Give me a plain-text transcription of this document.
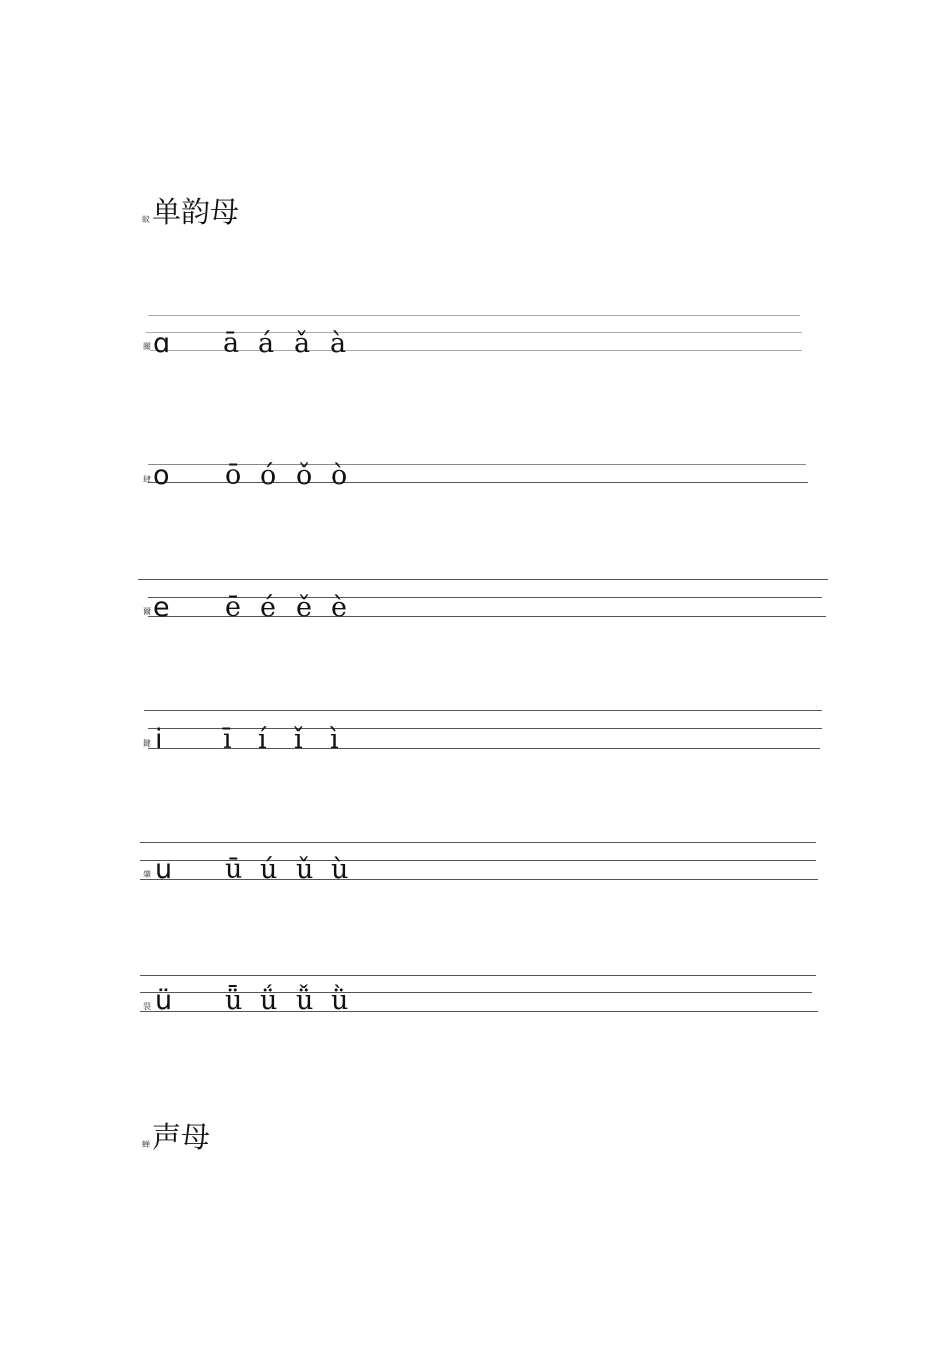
蚁 单韵母
關 ɑ ā á ǎ à
肆 o ō ó ǒ ò
爾 e ē é ě è
鍵 i ī í ǐ ì
肇 u ū ú ǔ ù
裂 ü ǖ ǘ ǚ ǜ
蝉 声母
